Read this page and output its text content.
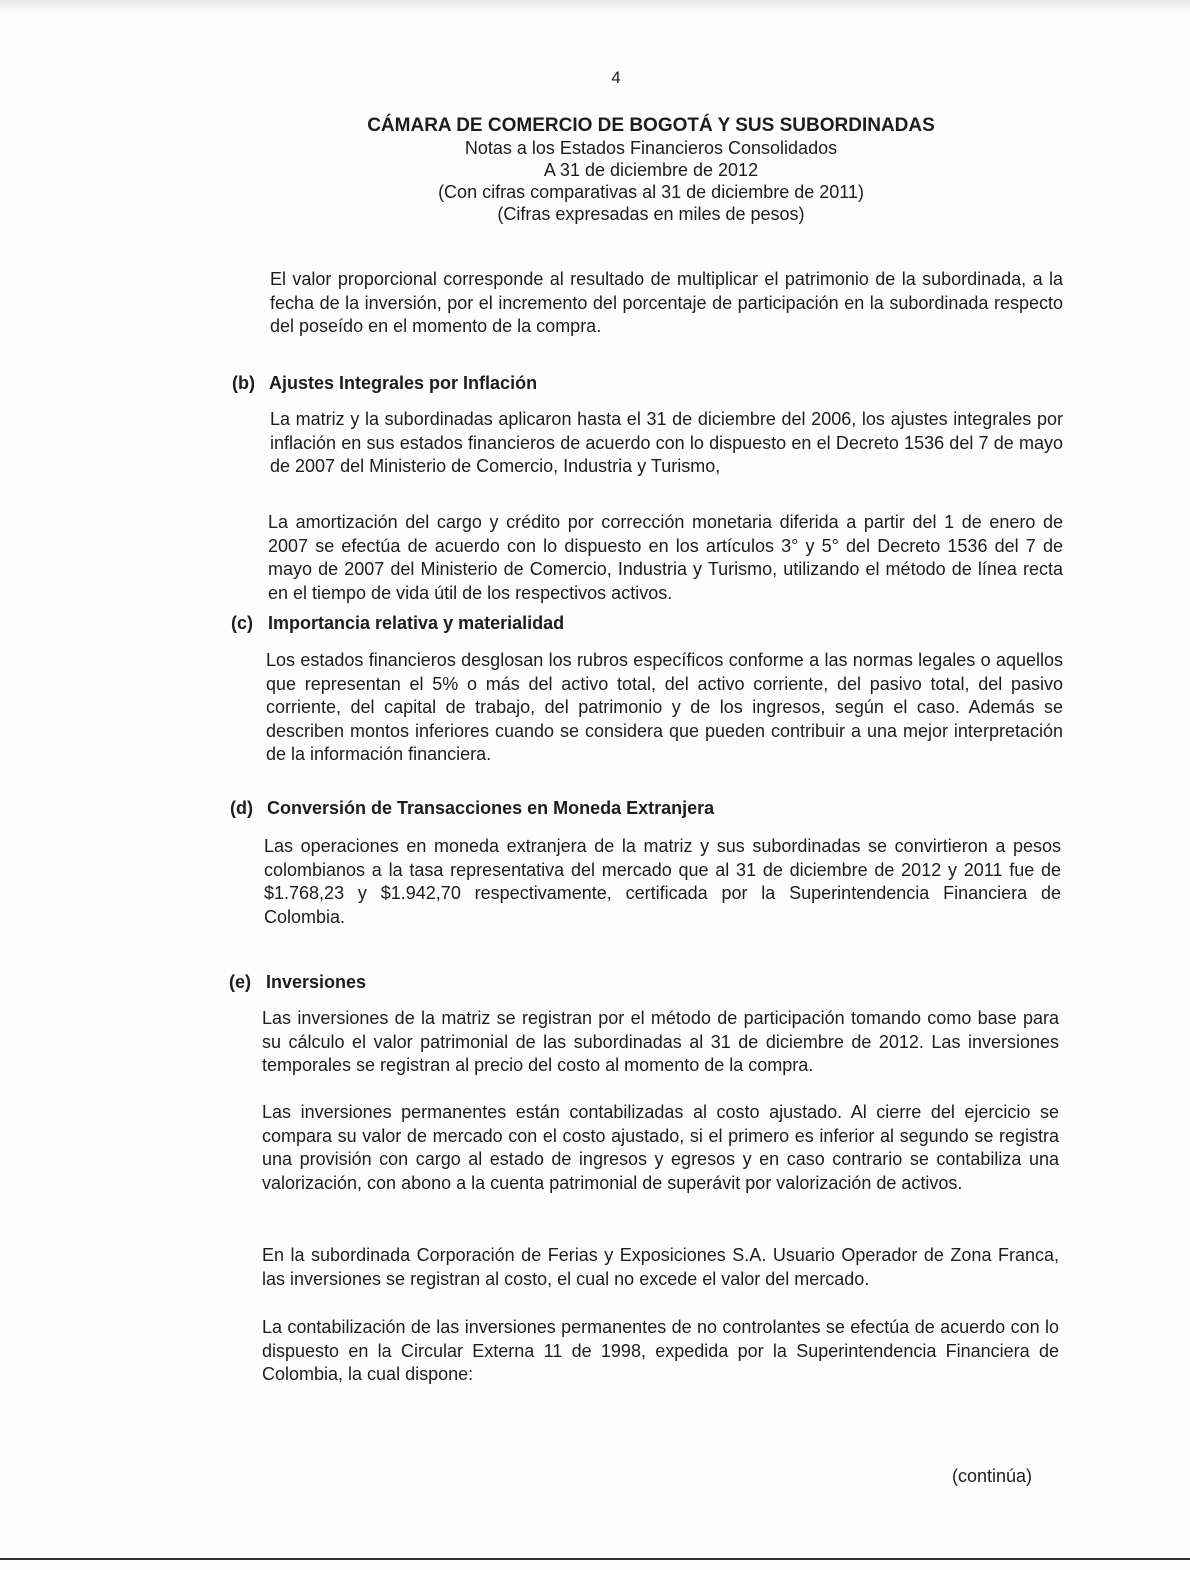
4
CÁMARA DE COMERCIO DE BOGOTÁ Y SUS SUBORDINADAS
Notas a los Estados Financieros Consolidados
A 31 de diciembre de 2012
(Con cifras comparativas al 31 de diciembre de 2011)
(Cifras expresadas en miles de pesos)

El valor proporcional corresponde al resultado de multiplicar el patrimonio de la subordinada, a la fecha de la inversión, por el incremento del porcentaje de participación en la subordinada respecto del poseído en el momento de la compra.

(b) Ajustes Integrales por Inflación

La matriz y la subordinadas aplicaron hasta el 31 de diciembre del 2006, los ajustes integrales por inflación en sus estados financieros de acuerdo con lo dispuesto en el Decreto 1536 del 7 de mayo de 2007 del Ministerio de Comercio, Industria y Turismo,

La amortización del cargo y crédito por corrección monetaria diferida a partir del 1 de enero de 2007 se efectúa de acuerdo con lo dispuesto en los artículos 3° y 5° del Decreto 1536 del 7 de mayo de 2007 del Ministerio de Comercio, Industria y Turismo, utilizando el método de línea recta en el tiempo de vida útil de los respectivos activos.

(c) Importancia relativa y materialidad

Los estados financieros desglosan los rubros específicos conforme a las normas legales o aquellos que representan el 5% o más del activo total, del activo corriente, del pasivo total, del pasivo corriente, del capital de trabajo, del patrimonio y de los ingresos, según el caso. Además se describen montos inferiores cuando se considera que pueden contribuir a una mejor interpretación de la información financiera.

(d) Conversión de Transacciones en Moneda Extranjera

Las operaciones en moneda extranjera de la matriz y sus subordinadas se convirtieron a pesos colombianos a la tasa representativa del mercado que al 31 de diciembre de 2012 y 2011 fue de $1.768,23 y $1.942,70 respectivamente, certificada por la Superintendencia Financiera de Colombia.

(e) Inversiones

Las inversiones de la matriz se registran por el método de participación tomando como base para su cálculo el valor patrimonial de las subordinadas al 31 de diciembre de 2012. Las inversiones temporales se registran al precio del costo al momento de la compra.

Las inversiones permanentes están contabilizadas al costo ajustado. Al cierre del ejercicio se compara su valor de mercado con el costo ajustado, si el primero es inferior al segundo se registra una provisión con cargo al estado de ingresos y egresos y en caso contrario se contabiliza una valorización, con abono a la cuenta patrimonial de superávit por valorización de activos.

En la subordinada Corporación de Ferias y Exposiciones S.A. Usuario Operador de Zona Franca, las inversiones se registran al costo, el cual no excede el valor del mercado.

La contabilización de las inversiones permanentes de no controlantes se efectúa de acuerdo con lo dispuesto en la Circular Externa 11 de 1998, expedida por la Superintendencia Financiera de Colombia, la cual dispone:

(continúa)
